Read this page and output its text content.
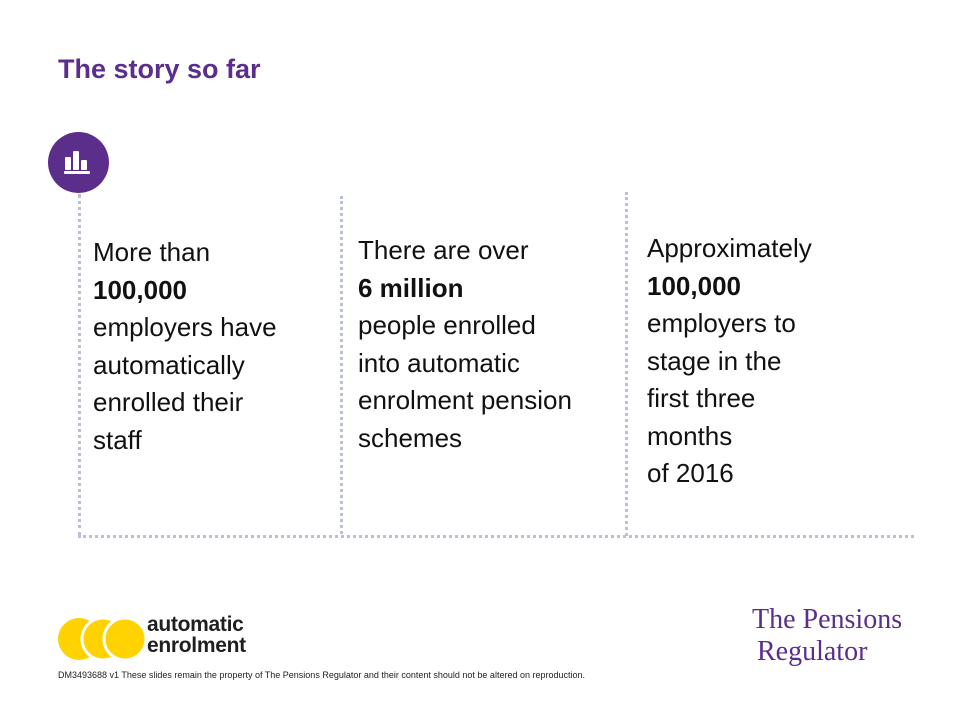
The story so far

More than

100,000

employers have

automatically

enrolled their

staff

There are over

6 million

people enrolled

into automatic

enrolment pension

schemes

Approximately

100,000

employers to

stage in the

first three

months

of 2016

automatic
enrolment
The Pensions
Regulator
DM3493688 v1 These slides remain the property of The Pensions Regulator and their content should not be altered on reproduction.
